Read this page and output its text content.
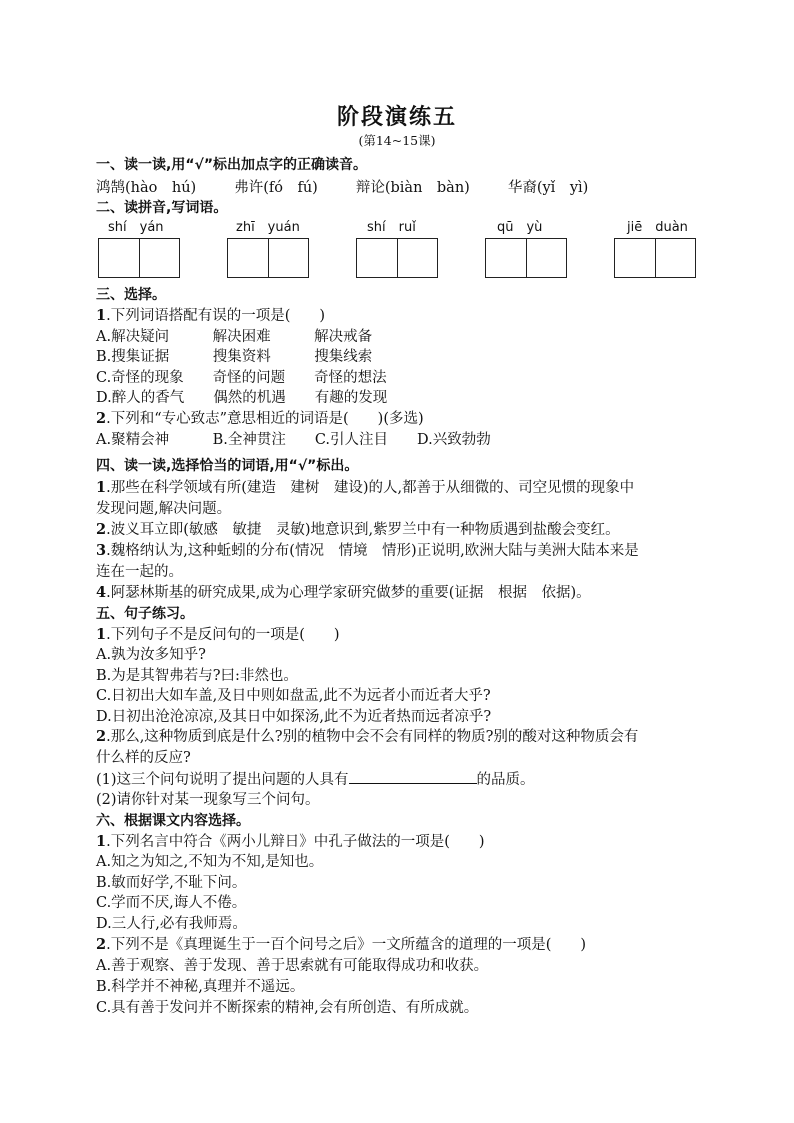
阶段演练五
(第14~15课)
一、读一读,用“√”标出加点字的正确读音。
鸿鹄(hào　hú)	弗许(fó　fú)	辩论(biàn　bàn)	华裔(yǐ　yì)
二、读拼音,写词语。
shí　yán	zhī　yuán	shí　ruǐ	qū　yù	jiē　duàn
三、选择。
1.下列词语搭配有误的一项是(　　)
A.解决疑问　　　解决困难　　　解决戒备
B.搜集证据　　　搜集资料　　　搜集线索
C.奇怪的现象　　奇怪的问题　　奇怪的想法
D.醉人的香气　　偶然的机遇　　有趣的发现
2.下列和“专心致志”意思相近的词语是(　　)(多选)
A.聚精会神　　　B.全神贯注　　C.引人注目　　D.兴致勃勃
四、读一读,选择恰当的词语,用“√”标出。
1.那些在科学领域有所(建造　建树　建设)的人,都善于从细微的、司空见惯的现象中
发现问题,解决问题。
2.波义耳立即(敏感　敏捷　灵敏)地意识到,紫罗兰中有一种物质遇到盐酸会变红。
3.魏格纳认为,这种蚯蚓的分布(情况　情境　情形)正说明,欧洲大陆与美洲大陆本来是
连在一起的。
4.阿瑟林斯基的研究成果,成为心理学家研究做梦的重要(证据　根据　依据)。
五、句子练习。
1.下列句子不是反问句的一项是(　　)
A.孰为汝多知乎?
B.为是其智弗若与?曰:非然也。
C.日初出大如车盖,及日中则如盘盂,此不为远者小而近者大乎?
D.日初出沧沧凉凉,及其日中如探汤,此不为近者热而远者凉乎?
2.那么,这种物质到底是什么?别的植物中会不会有同样的物质?别的酸对这种物质会有
什么样的反应?
(1)这三个问句说明了提出问题的人具有	的品质。
(2)请你针对某一现象写三个问句。
六、根据课文内容选择。
1.下列名言中符合《两小儿辩日》中孔子做法的一项是(　　)
A.知之为知之,不知为不知,是知也。
B.敏而好学,不耻下问。
C.学而不厌,诲人不倦。
D.三人行,必有我师焉。
2.下列不是《真理诞生于一百个问号之后》一文所蕴含的道理的一项是(　　)
A.善于观察、善于发现、善于思索就有可能取得成功和收获。
B.科学并不神秘,真理并不遥远。
C.具有善于发问并不断探索的精神,会有所创造、有所成就。
